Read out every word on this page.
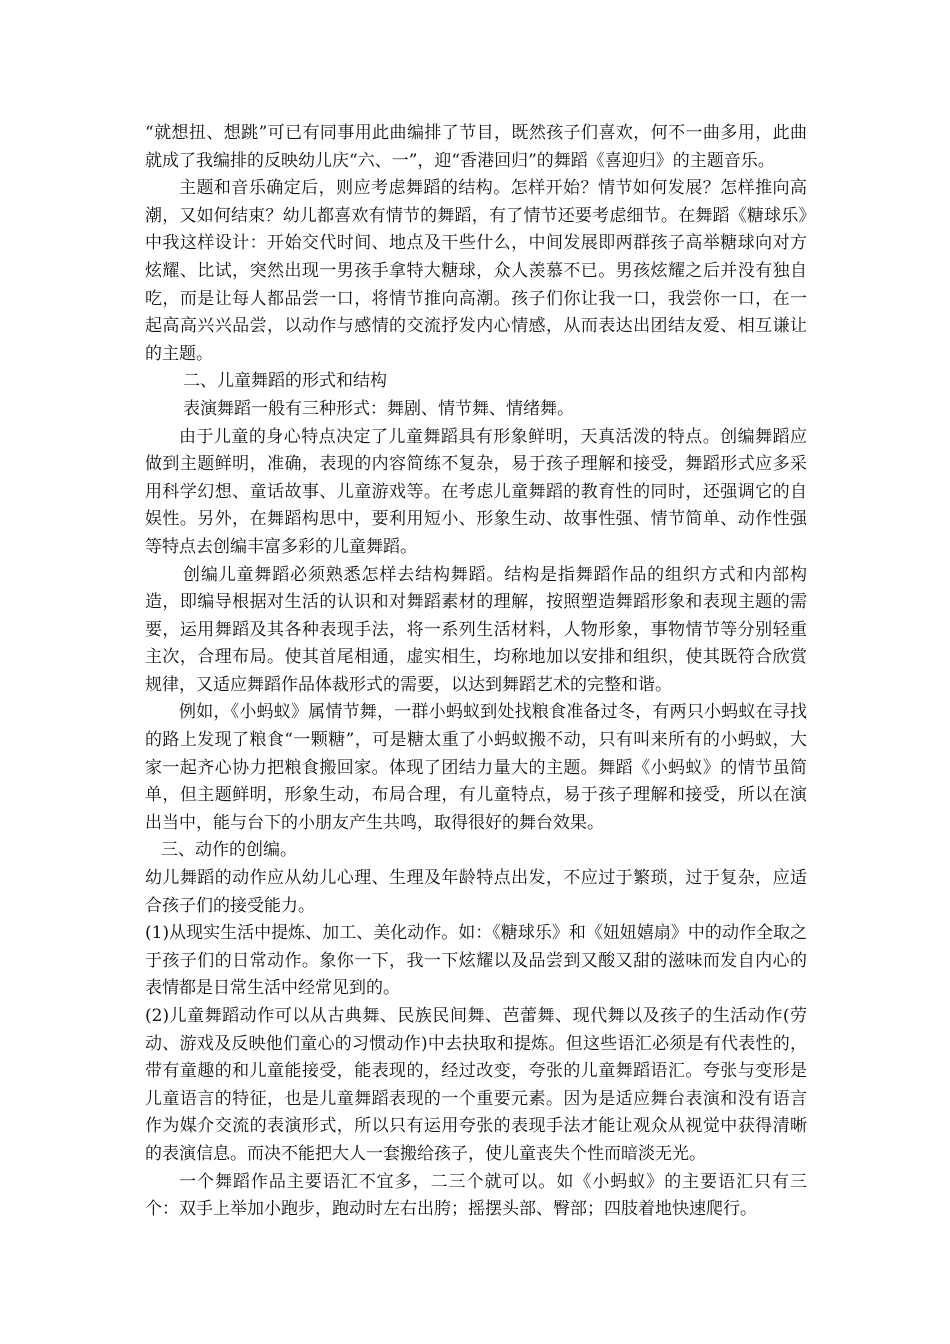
“就想扭、想跳”可已有同事用此曲编排了节目，既然孩子们喜欢，何不一曲多用，此曲就成了我编排的反映幼儿庆“六、一”，迎“香港回归”的舞蹈《喜迎归》的主题音乐。

主题和音乐确定后，则应考虑舞蹈的结构。怎样开始？情节如何发展？怎样推向高潮，又如何结束？幼儿都喜欢有情节的舞蹈，有了情节还要考虑细节。在舞蹈《糖球乐》中我这样设计：开始交代时间、地点及干些什么，中间发展即两群孩子高举糖球向对方炫耀、比试，突然出现一男孩手拿特大糖球，众人羡慕不已。男孩炫耀之后并没有独自吃，而是让每人都品尝一口，将情节推向高潮。孩子们你让我一口，我尝你一口，在一起高高兴兴品尝，以动作与感情的交流抒发内心情感，从而表达出团结友爱、相互谦让的主题。

二、儿童舞蹈的形式和结构

表演舞蹈一般有三种形式：舞剧、情节舞、情绪舞。

由于儿童的身心特点决定了儿童舞蹈具有形象鲜明，天真活泼的特点。创编舞蹈应做到主题鲜明，准确，表现的内容简练不复杂，易于孩子理解和接受，舞蹈形式应多采用科学幻想、童话故事、儿童游戏等。在考虑儿童舞蹈的教育性的同时，还强调它的自娱性。另外，在舞蹈构思中，要利用短小、形象生动、故事性强、情节简单、动作性强等特点去创编丰富多彩的儿童舞蹈。

创编儿童舞蹈必须熟悉怎样去结构舞蹈。结构是指舞蹈作品的组织方式和内部构造，即编导根据对生活的认识和对舞蹈素材的理解，按照塑造舞蹈形象和表现主题的需要，运用舞蹈及其各种表现手法，将一系列生活材料，人物形象，事物情节等分别轻重主次，合理布局。使其首尾相通，虚实相生，均称地加以安排和组织，使其既符合欣赏规律，又适应舞蹈作品体裁形式的需要，以达到舞蹈艺术的完整和谐。

例如，《小蚂蚁》属情节舞，一群小蚂蚁到处找粮食准备过冬，有两只小蚂蚁在寻找的路上发现了粮食“一颗糖”，可是糖太重了小蚂蚁搬不动，只有叫来所有的小蚂蚁，大家一起齐心协力把粮食搬回家。体现了团结力量大的主题。舞蹈《小蚂蚁》的情节虽简单，但主题鲜明，形象生动，布局合理，有儿童特点，易于孩子理解和接受，所以在演出当中，能与台下的小朋友产生共鸣，取得很好的舞台效果。

三、动作的创编。

幼儿舞蹈的动作应从幼儿心理、生理及年龄特点出发，不应过于繁琐，过于复杂，应适合孩子们的接受能力。

(1)从现实生活中提炼、加工、美化动作。如：《糖球乐》和《妞妞嬉扇》中的动作全取之于孩子们的日常动作。象你一下，我一下炫耀以及品尝到又酸又甜的滋味而发自内心的表情都是日常生活中经常见到的。

(2)儿童舞蹈动作可以从古典舞、民族民间舞、芭蕾舞、现代舞以及孩子的生活动作(劳动、游戏及反映他们童心的习惯动作)中去抉取和提炼。但这些语汇必须是有代表性的，带有童趣的和儿童能接受，能表现的，经过改变，夸张的儿童舞蹈语汇。夸张与变形是儿童语言的特征，也是儿童舞蹈表现的一个重要元素。因为是适应舞台表演和没有语言作为媒介交流的表演形式，所以只有运用夸张的表现手法才能让观众从视觉中获得清晰的表演信息。而决不能把大人一套搬给孩子，使儿童丧失个性而暗淡无光。

一个舞蹈作品主要语汇不宜多，二三个就可以。如《小蚂蚁》的主要语汇只有三个：双手上举加小跑步，跑动时左右出胯；摇摆头部、臀部；四肢着地快速爬行。
